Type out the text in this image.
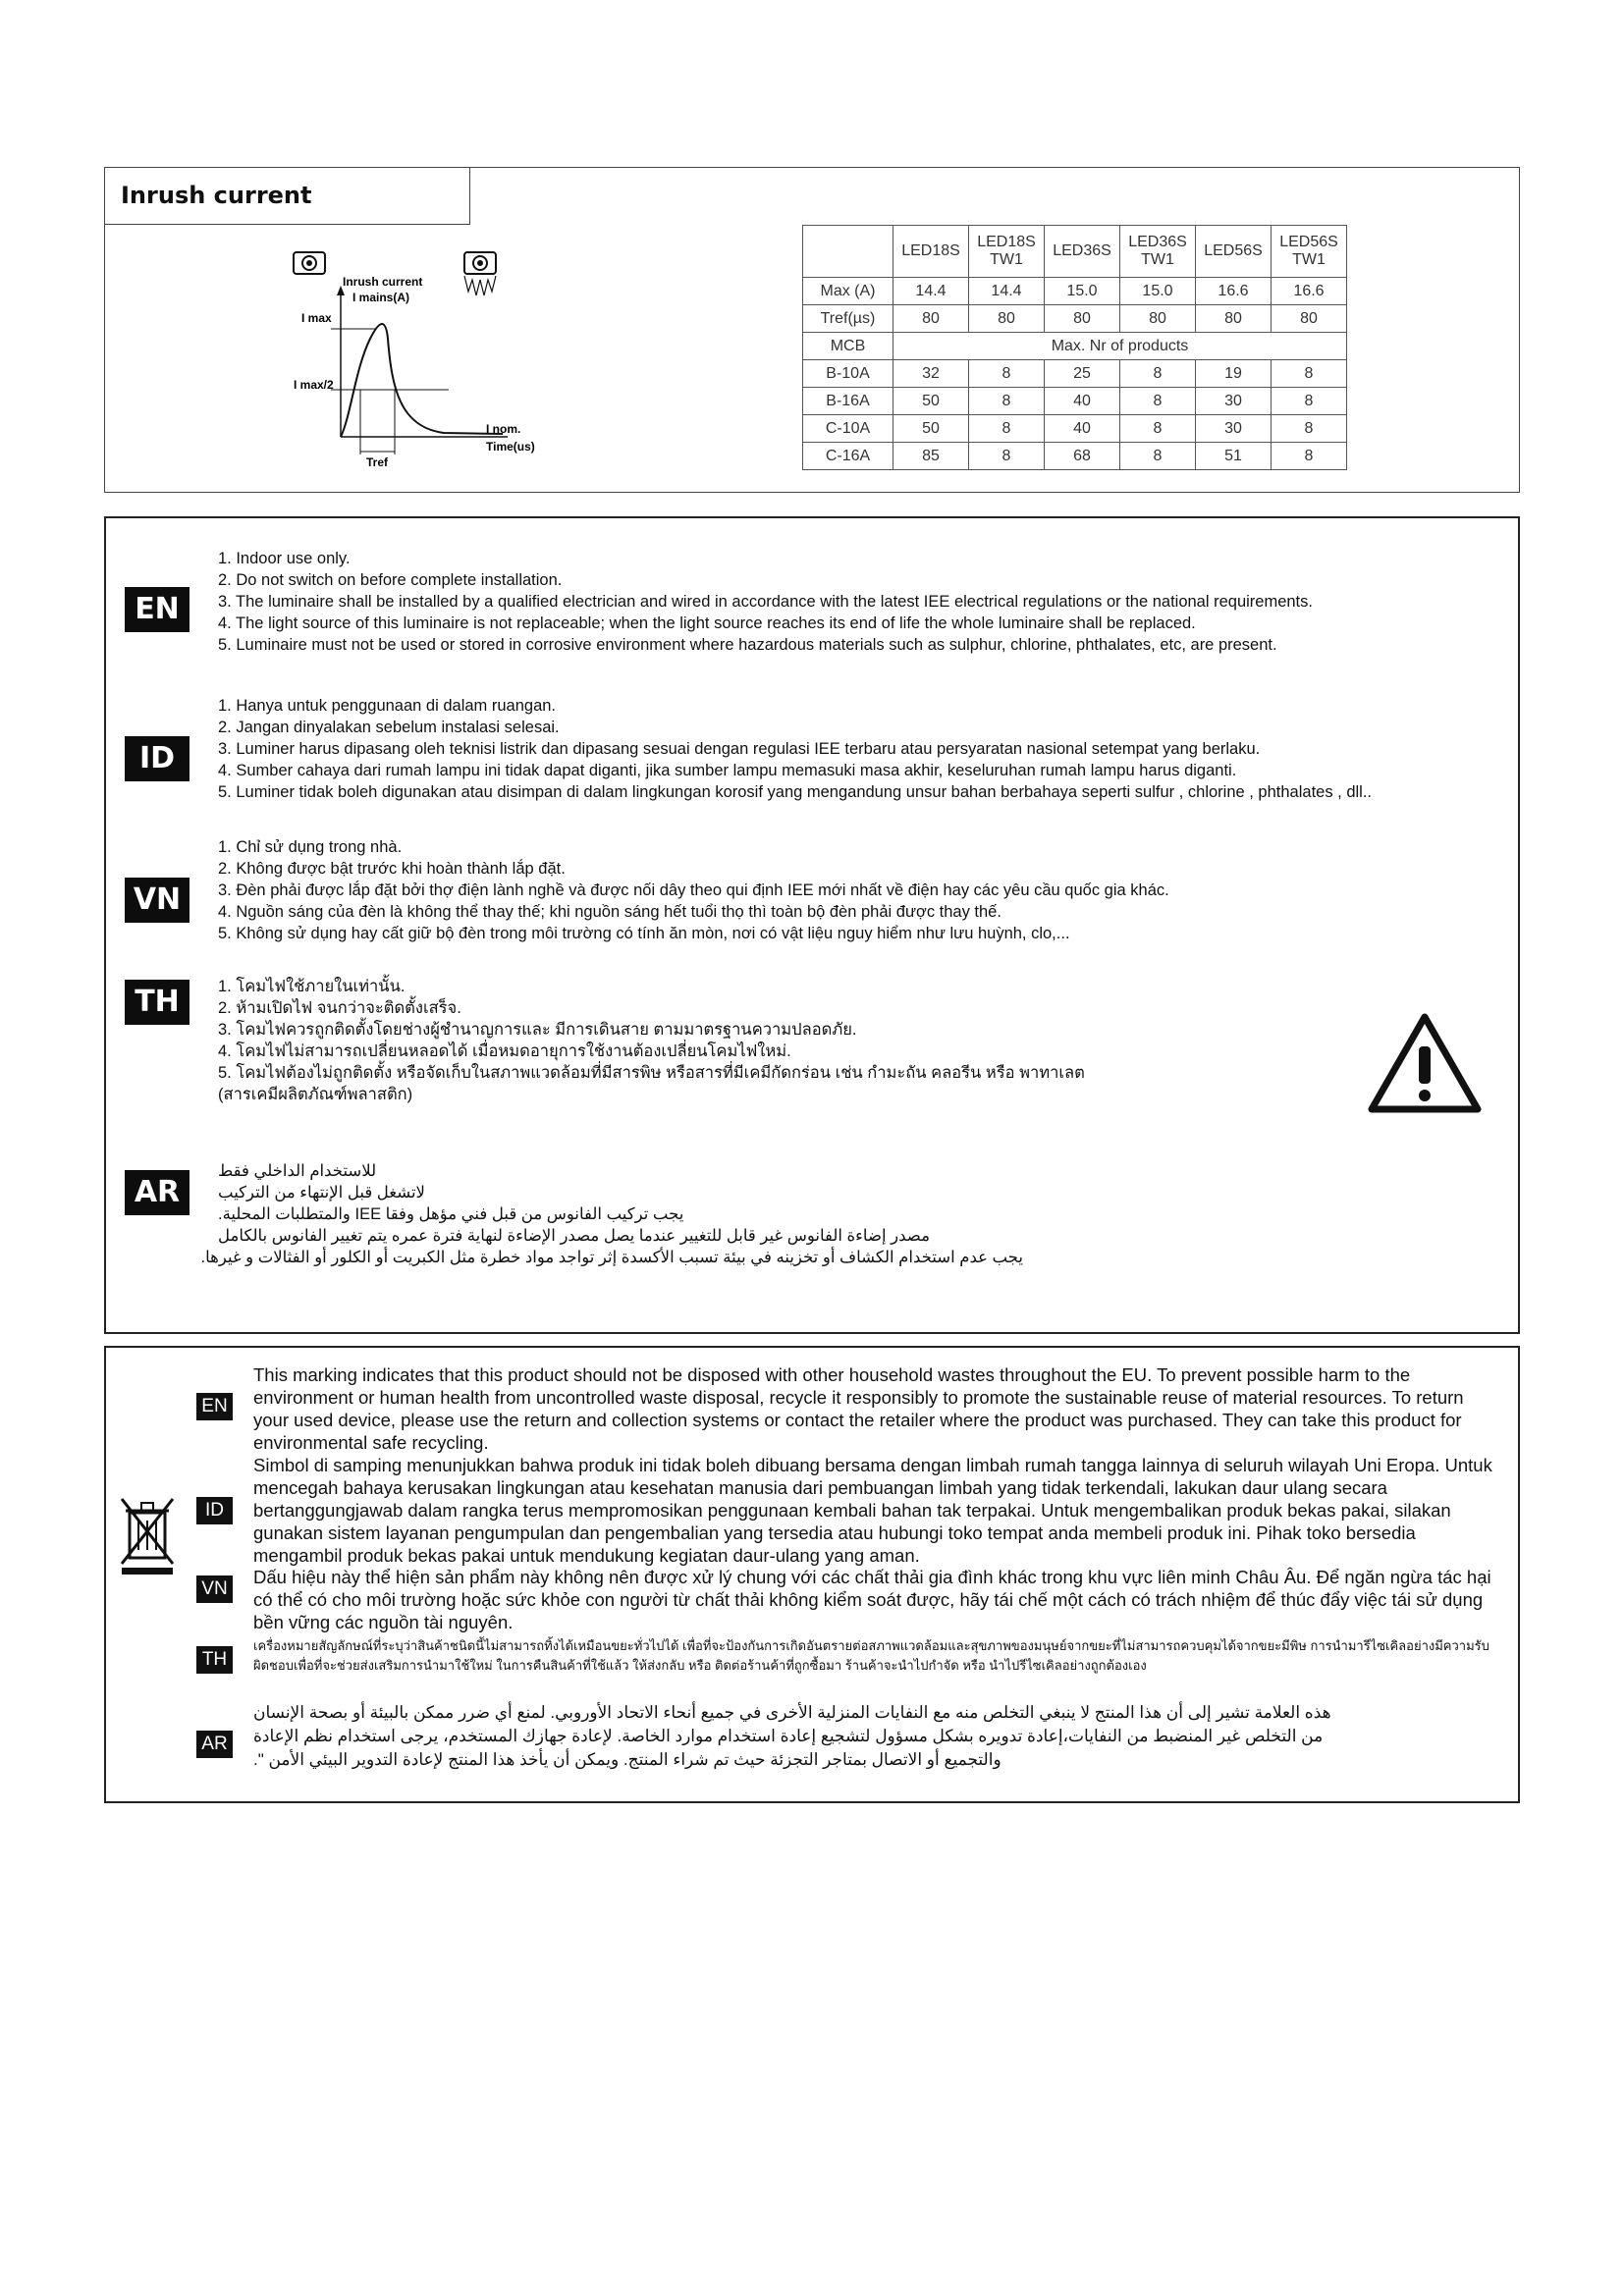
Inrush current
Inrush current
I mains(A)
I max
I max/2
I nom.
Time(us)
Tref
	LED18S	LED18S TW1	LED36S	LED36S TW1	LED56S	LED56S TW1
Max (A)	14.4	14.4	15.0	15.0	16.6	16.6
Tref(µs)	80	80	80	80	80	80
MCB	Max. Nr of products					
B-10A	32	8	25	8	19	8
B-16A	50	8	40	8	30	8
C-10A	50	8	40	8	30	8
C-16A	85	8	68	8	51	8
EN
1. Indoor use only.
2. Do not switch on before complete installation.
3. The luminaire shall be installed by a qualified electrician and wired in accordance with the latest IEE electrical regulations or the national requirements.
4. The light source of this luminaire is not replaceable; when the light source reaches its end of life the whole luminaire shall be replaced.
5. Luminaire must not be used or stored in corrosive environment where hazardous materials such as sulphur, chlorine, phthalates, etc, are present.
ID
1. Hanya untuk penggunaan di dalam ruangan.
2. Jangan dinyalakan sebelum instalasi selesai.
3. Luminer harus dipasang oleh teknisi listrik dan dipasang sesuai dengan regulasi IEE terbaru atau persyaratan nasional setempat yang berlaku.
4. Sumber cahaya dari rumah lampu ini tidak dapat diganti, jika sumber lampu memasuki masa akhir, keseluruhan rumah lampu harus diganti.
5. Luminer tidak boleh digunakan atau disimpan di dalam lingkungan korosif yang mengandung unsur bahan berbahaya seperti sulfur , chlorine , phthalates , dll..
VN
1. Chỉ sử dụng trong nhà.
2. Không được bật trước khi hoàn thành lắp đặt.
3. Đèn phải được lắp đặt bởi thợ điện lành nghề và được nối dây theo qui định IEE mới nhất về điện hay các yêu cầu quốc gia khác.
4. Nguồn sáng của đèn là không thể thay thế; khi nguồn sáng hết tuổi thọ thì toàn bộ đèn phải được thay thế.
5. Không sử dụng hay cất giữ bộ đèn trong môi trường có tính ăn mòn, nơi có vật liệu nguy hiểm như lưu huỳnh, clo,...
TH	1. โคมไฟใช้ภายในเท่านั้น.
2. ห้ามเปิดไฟ จนกว่าจะติดตั้งเสร็จ.
3. โคมไฟควรถูกติดตั้งโดยช่างผู้ชำนาญการและ มีการเดินสาย ตามมาตรฐานความปลอดภัย.
4. โคมไฟไม่สามารถเปลี่ยนหลอดได้ เมื่อหมดอายุการใช้งานต้องเปลี่ยนโคมไฟใหม่.
5. โคมไฟต้องไม่ถูกติดตั้ง หรือจัดเก็บในสภาพแวดล้อมที่มีสารพิษ หรือสารที่มีเคมีกัดกร่อน เช่น กำมะถัน คลอรีน หรือ พาทาเลต
(สารเคมีผลิตภัณฑ์พลาสติก)
AR
للاستخدام الداخلي فقط
لاتشغل قبل الإنتهاء من التركيب
يجب تركيب الفانوس من قبل فني مؤهل وفقا IEE والمتطلبات المحلية.
مصدر إضاءة الفانوس غير قابل للتغيير عندما يصل مصدر الإضاءة لنهاية فترة عمره يتم تغيير الفانوس بالكامل
يجب عدم استخدام الكشاف أو تخزينه في بيئة تسبب الأكسدة إثر تواجد مواد خطرة مثل الكبريت أو الكلور أو الفثالات و غيرها.
EN

This marking indicates that this product should not be disposed with other household wastes throughout the EU. To prevent possible harm to the environment or human health from uncontrolled waste disposal, recycle it responsibly to promote the sustainable reuse of material resources. To return your used device, please use the return and collection systems or contact the retailer where the product was purchased. They can take this product for environmental safe recycling.

ID

Simbol di samping menunjukkan bahwa produk ini tidak boleh dibuang bersama dengan limbah rumah tangga lainnya di seluruh wilayah Uni Eropa. Untuk mencegah bahaya kerusakan lingkungan atau kesehatan manusia dari pembuangan limbah yang tidak terkendali, lakukan daur ulang secara bertanggungjawab dalam rangka terus mempromosikan penggunaan kembali bahan tak terpakai. Untuk mengembalikan produk bekas pakai, silakan gunakan sistem layanan pengumpulan dan pengembalian yang tersedia atau hubungi toko tempat anda membeli produk ini. Pihak toko bersedia mengambil produk bekas pakai untuk mendukung kegiatan daur-ulang yang aman.

VN

Dấu hiệu này thể hiện sản phẩm này không nên được xử lý chung với các chất thải gia đình khác trong khu vực liên minh Châu Âu. Để ngăn ngừa tác hại có thể có cho môi trường hoặc sức khỏe con người từ chất thải không kiểm soát được, hãy tái chế một cách có trách nhiệm để thúc đẩy việc tái sử dụng bền vững các nguồn tài nguyên.

TH

เครื่องหมายสัญลักษณ์ที่ระบุว่าสินค้าชนิดนี้ไม่สามารถทิ้งได้เหมือนขยะทั่วไปได้ เพื่อที่จะป้องกันการเกิดอันตรายต่อสภาพแวดล้อมและสุขภาพของมนุษย์จากขยะที่ไม่สามารถควบคุมได้จากขยะมีพิษ การนำมารีไซเคิลอย่างมีความรับผิดชอบเพื่อที่จะช่วยส่งเสริมการนำมาใช้ใหม่ ในการคืนสินค้าที่ใช้แล้ว ให้ส่งกลับ หรือ ติดต่อร้านค้าที่ถูกซื้อมา ร้านค้าจะนำไปกำจัด หรือ นำไปรีไซเคิลอย่างถูกต้องเอง

AR

هذه العلامة تشير إلى أن هذا المنتج لا ينبغي التخلص منه مع النفايات المنزلية الأخرى في جميع أنحاء الاتحاد الأوروبي. لمنع أي ضرر ممكن بالبيئة أو بصحة الإنسان من التخلص غير المنضبط من النفايات،إعادة تدويره بشكل مسؤول لتشجيع إعادة استخدام موارد الخاصة. لإعادة جهازك المستخدم، يرجى استخدام نظم الإعادة والتجميع أو الاتصال بمتاجر التجزئة حيث تم شراء المنتج. ويمكن أن يأخذ هذا المنتج لإعادة التدوير البيئي الأمن ".
